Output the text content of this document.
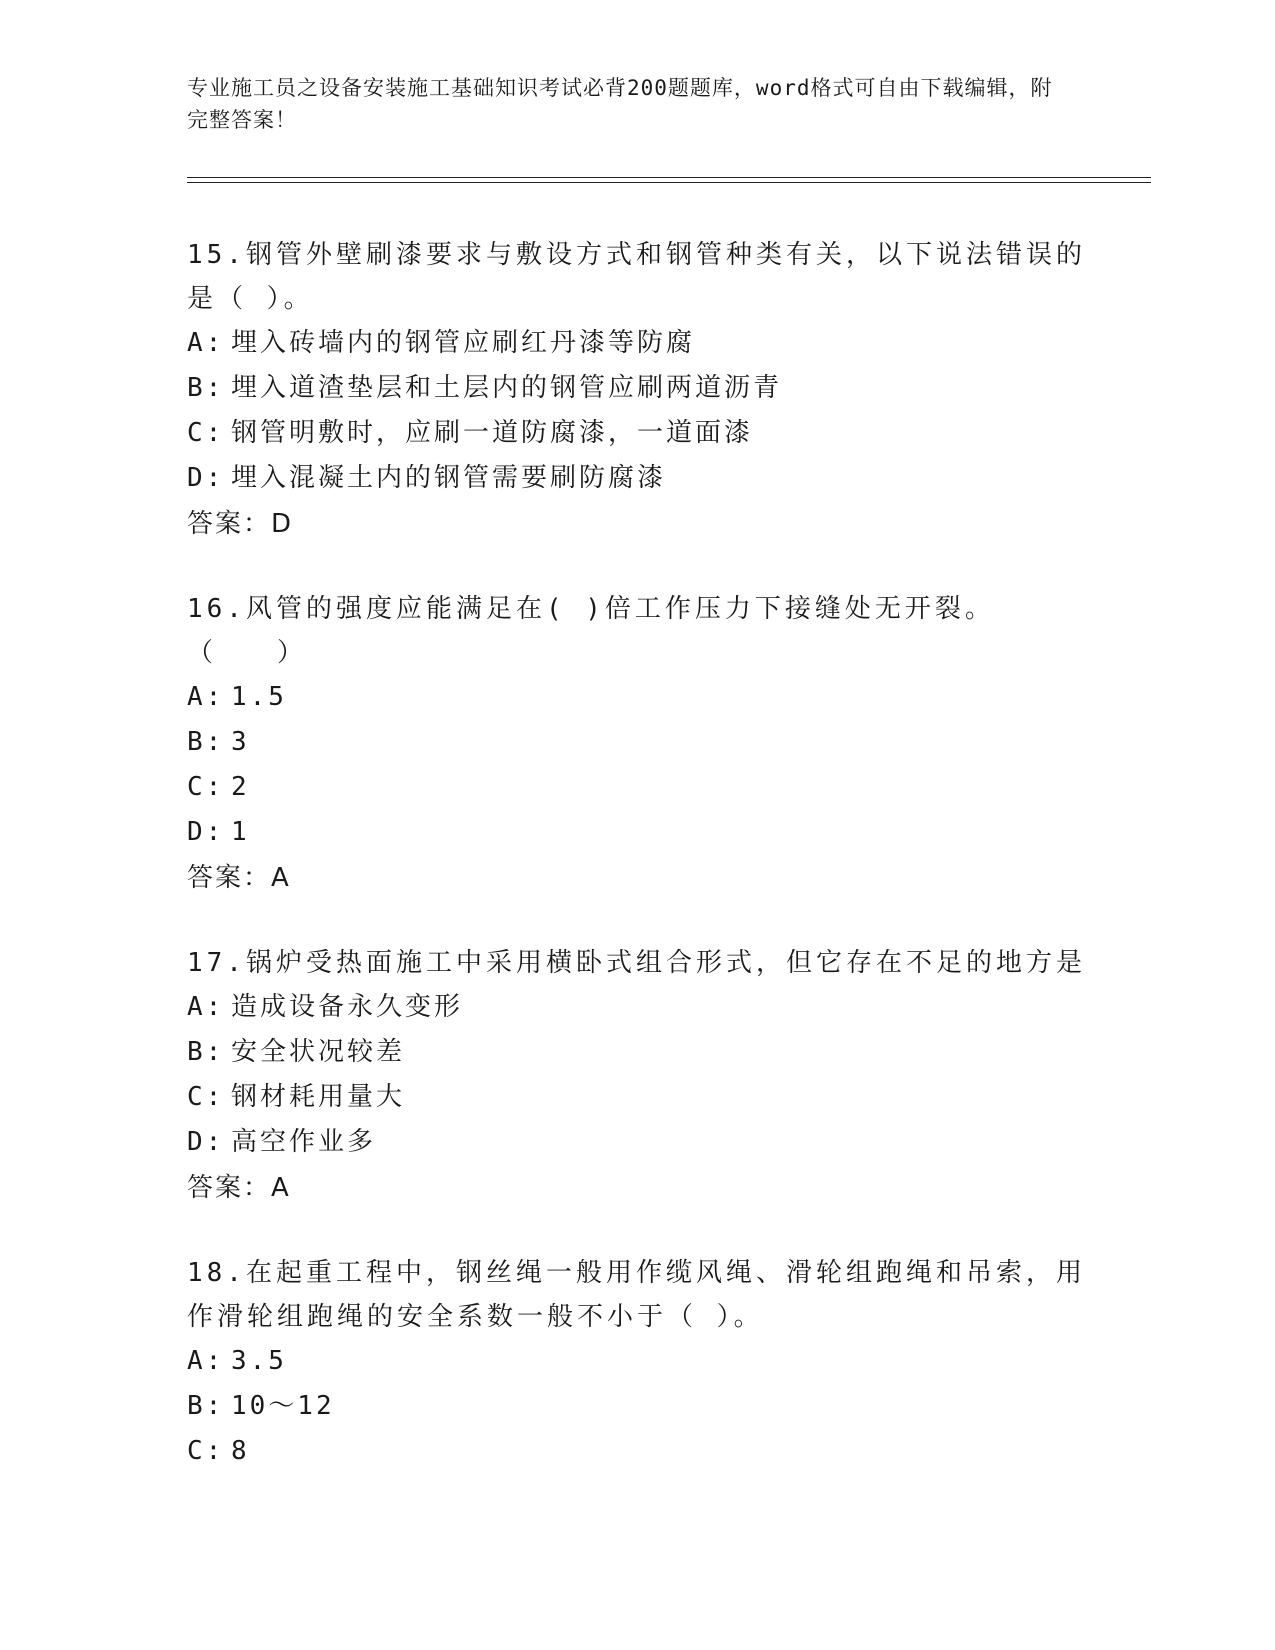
专业施工员之设备安装施工基础知识考试必背200题题库，word格式可自由下载编辑，附完整答案！

15.钢管外壁刷漆要求与敷设方式和钢管种类有关，以下说法错误的是（ ）。

A: 埋入砖墙内的钢管应刷红丹漆等防腐

B: 埋入道渣垫层和土层内的钢管应刷两道沥青

C: 钢管明敷时，应刷一道防腐漆，一道面漆

D: 埋入混凝土内的钢管需要刷防腐漆

答案：D

16.风管的强度应能满足在( )倍工作压力下接缝处无开裂。（　　）

A: 1.5

B: 3

C: 2

D: 1

答案：A

17.锅炉受热面施工中采用横卧式组合形式，但它存在不足的地方是

A: 造成设备永久变形

B: 安全状况较差

C: 钢材耗用量大

D: 高空作业多

答案：A

18.在起重工程中，钢丝绳一般用作缆风绳、滑轮组跑绳和吊索，用作滑轮组跑绳的安全系数一般不小于（ ）。

A: 3.5

B: 10～12

C: 8
